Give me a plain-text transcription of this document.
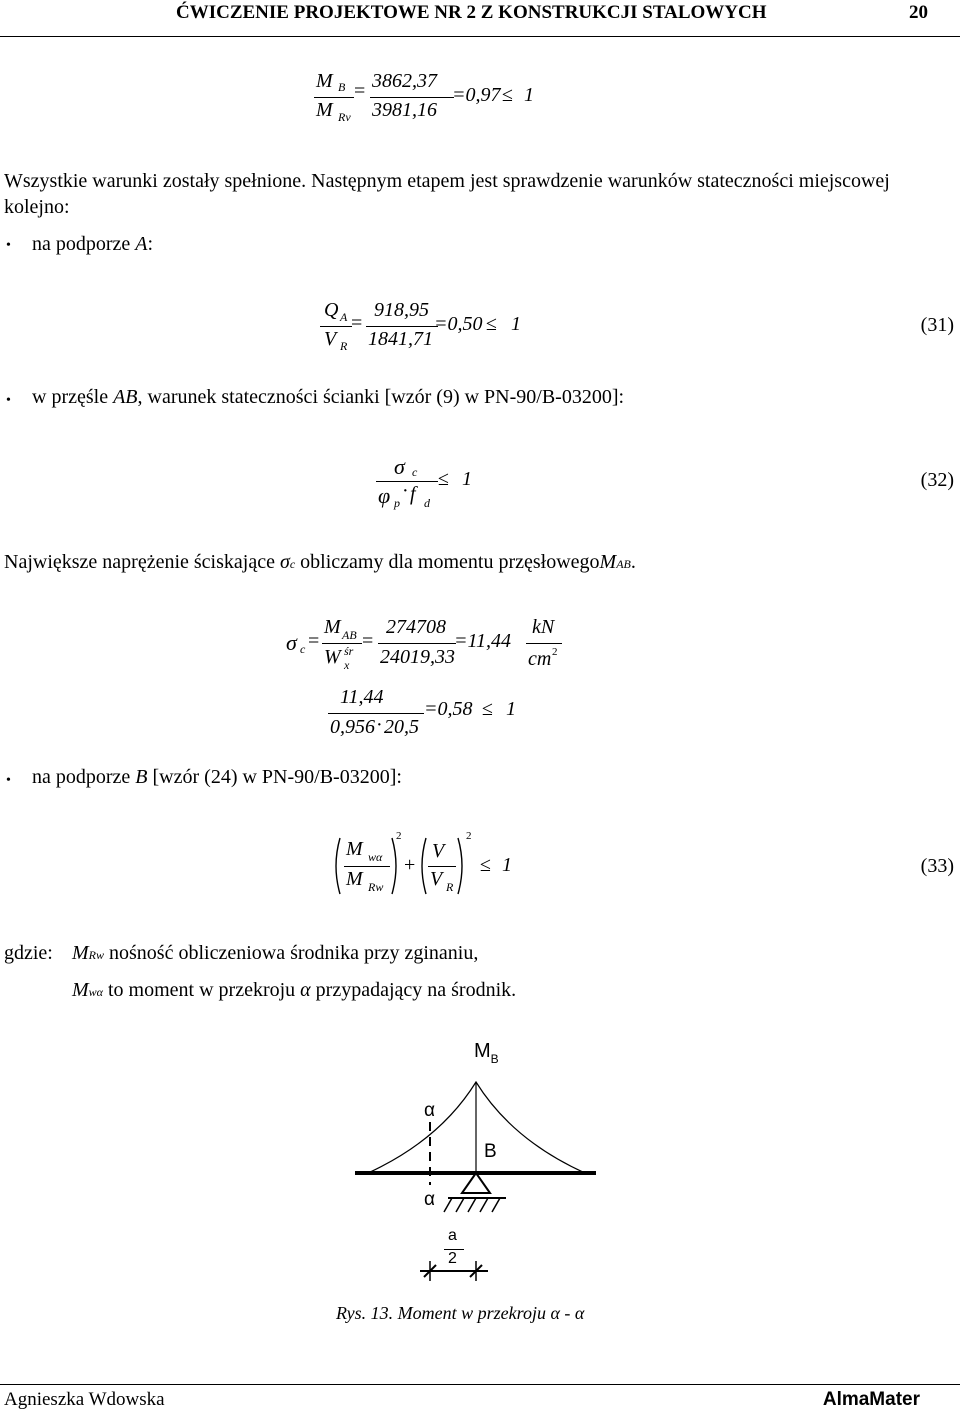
ĆWICZENIE PROJEKTOWE NR 2 Z KONSTRUKCJI STALOWYCH	20
M B
M Rv
= 3862,37
3981,16
=0,97 ≤ 1
Wszystkie warunki zostały spełnione. Następnym etapem jest sprawdzenie warunków stateczności miejscowej
kolejno:
• na podporze A:
Q A
V R
=
918,95
1841,71
=0,50 ≤ 1	(31)
• w przęśle AB, warunek stateczności ścianki [wzór (9) w PN-90/B-03200]:
σ c
φ p
· f d
≤ 1	(32)
Największe naprężenie ściskające σc obliczamy dla momentu przęsłowegoMAB.
σ c =
M AB
W śr
x
=
274708
24019,33
=11,44
kN
cm 2
11,44
0,956 · 20,5
=0,58 ≤ 1
• na podporze B [wzór (24) w PN-90/B-03200]:
M wα
M Rw
2
+
V
V R
2
≤ 1	(33)
gdzie: MRw nośność obliczeniowa środnika przy zginaniu,
Mwα to moment w przekroju α przypadający na środnik.
$M_B$
α
B
α
a
2
Rys. 13. Moment w przekroju α - α
Agnieszka Wdowska	AlmaMater
